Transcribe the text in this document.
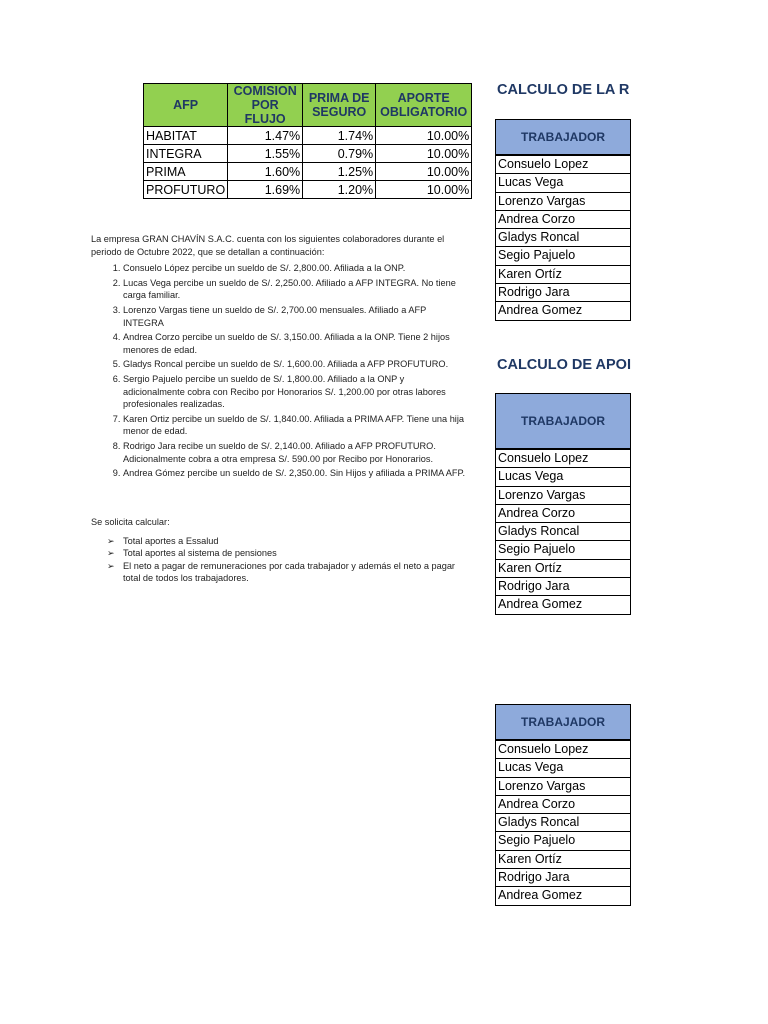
AFP	COMISION POR FLUJO	PRIMA DE SEGURO	APORTE OBLIGATORIO
HABITAT	1.47%	1.74%	10.00%
INTEGRA	1.55%	0.79%	10.00%
PRIMA	1.60%	1.25%	10.00%
PROFUTURO	1.69%	1.20%	10.00%
CALCULO DE LA R
CALCULO DE APOI
TRABAJADOR
Consuelo Lopez
Lucas Vega
Lorenzo Vargas
Andrea Corzo
Gladys Roncal
Segio Pajuelo
Karen Ortíz
Rodrigo Jara
Andrea Gomez
TRABAJADOR
Consuelo Lopez
Lucas Vega
Lorenzo Vargas
Andrea Corzo
Gladys Roncal
Segio Pajuelo
Karen Ortíz
Rodrigo Jara
Andrea Gomez
TRABAJADOR
Consuelo Lopez
Lucas Vega
Lorenzo Vargas
Andrea Corzo
Gladys Roncal
Segio Pajuelo
Karen Ortíz
Rodrigo Jara
Andrea Gomez

La empresa GRAN CHAVÍN S.A.C. cuenta con los siguientes colaboradores durante el periodo de Octubre 2022, que se detallan a continuación:

1. Consuelo López percibe un sueldo de S/. 2,800.00. Afiliada a la ONP.
2. Lucas Vega percibe un sueldo de S/. 2,250.00. Afiliado a AFP INTEGRA. No tiene carga familiar.
3. Lorenzo Vargas tiene un sueldo de S/. 2,700.00 mensuales. Afiliado a AFP INTEGRA
4. Andrea Corzo percibe un sueldo de S/. 3,150.00. Afiliada a la ONP. Tiene 2 hijos menores de edad.
5. Gladys Roncal percibe un sueldo de S/. 1,600.00. Afiliada a AFP PROFUTURO.
6. Sergio Pajuelo percibe un sueldo de S/. 1,800.00. Afiliado a la ONP y adicionalmente cobra con Recibo por Honorarios S/. 1,200.00 por otras labores profesionales realizadas.
7. Karen Ortiz percibe un sueldo de S/. 1,840.00. Afiliada a PRIMA AFP. Tiene una hija menor de edad.
8. Rodrigo Jara recibe un sueldo de S/. 2,140.00. Afiliado a AFP PROFUTURO. Adicionalmente cobra a otra empresa S/. 590.00 por Recibo por Honorarios.
9. Andrea Gómez percibe un sueldo de S/. 2,350.00. Sin Hijos y afiliada a PRIMA AFP.

Se solicita calcular:

➢ Total aportes a Essalud
➢ Total aportes al sistema de pensiones
➢ El neto a pagar de remuneraciones por cada trabajador y además el neto a pagar total de todos los trabajadores.
